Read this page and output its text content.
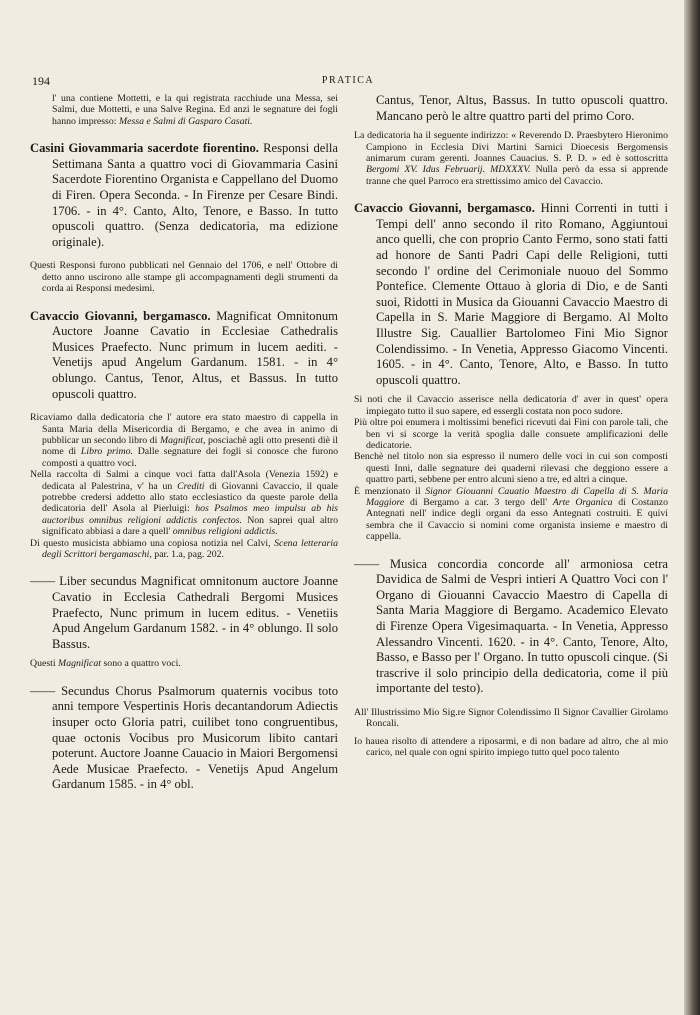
194	PRATICA

l' una contiene Mottetti, e la qui registrata racchiude una Messa, sei Salmi, due Mottetti, e una Salve Regina. Ed anzi le segnature dei fogli hanno impresso: Messa e Salmi di Gasparo Casati.

Casini Giovammaria sacerdote fiorentino. Responsi della Settimana Santa a quattro voci di Giovammaria Casini Sacerdote Fiorentino Organista e Cappellano del Duomo di Firen. Opera Seconda. - In Firenze per Cesare Bindi. 1706. - in 4°. Canto, Alto, Tenore, e Basso. In tutto opuscoli quattro. (Senza dedicatoria, ma edizione originale).

Questi Responsi furono pubblicati nel Gennaio del 1706, e nell' Ottobre di detto anno uscirono alle stampe gli accompagnamenti degli strumenti da corda ai Responsi medesimi.

Cavaccio Giovanni, bergamasco. Magnificat Omnitonum Auctore Joanne Cavatio in Ecclesiae Cathedralis Musices Praefecto. Nunc primum in lucem aediti. - Venetijs apud Angelum Gardanum. 1581. - in 4° oblungo. Cantus, Tenor, Altus, et Bassus. In tutto opuscoli quattro.

Ricaviamo dalla dedicatoria che l' autore era stato maestro di cappella in Santa Maria della Misericordia di Bergamo, e che avea in animo di pubblicar un secondo libro di Magnificat, posciachè agli otto presenti diè il nome di Libro primo. Dalle segnature dei fogli si conosce che furono composti a quattro voci.

Nella raccolta di Salmi a cinque voci fatta dall'Asola (Venezia 1592) e dedicata al Palestrina, v' ha un Crediti di Giovanni Cavaccio, il quale potrebbe credersi addetto allo stato ecclesiastico da queste parole della dedicatoria dell' Asola al Pierluigi: hos Psalmos meo impulsu ab his auctoribus omnibus religioni addictis confectos. Non saprei qual altro significato abbiasi a dare a quell' omnibus religioni addictis.

Di questo musicista abbiamo una copiosa notizia nel Calvi, Scena letteraria degli Scrittori bergamaschi, par. 1.a, pag. 202.

—— Liber secundus Magnificat omnitonum auctore Joanne Cavatio in Ecclesia Cathedrali Bergomi Musices Praefecto, Nunc primum in lucem editus. - Venetiis Apud Angelum Gardanum 1582. - in 4° oblungo. Il solo Bassus.

Questi Magnificat sono a quattro voci.

—— Secundus Chorus Psalmorum quaternis vocibus toto anni tempore Vespertinis Horis decantandorum Adiectis insuper octo Gloria patri, cuilibet tono congruentibus, quae octonis Vocibus pro Musicorum libito cantari poterunt. Auctore Joanne Cauacio in Maiori Bergomensi Aede Musicae Praefecto. - Venetijs Apud Angelum Gardanum 1585. - in 4° obl.

Cantus, Tenor, Altus, Bassus. In tutto opuscoli quattro. Mancano però le altre quattro parti del primo Coro.

La dedicatoria ha il seguente indirizzo: « Reverendo D. Praesbytero Hieronimo Campiono in Ecclesia Divi Martini Sarnici Dioecesis Bergomensis animarum curam gerenti. Joannes Cauacius. S. P. D. » ed è sottoscritta Bergomi XV. Idus Februarij. MDXXXV. Nulla però da essa si apprende tranne che quel Parroco era strettissimo amico del Cavaccio.

Cavaccio Giovanni, bergamasco. Hinni Correnti in tutti i Tempi dell' anno secondo il rito Romano, Aggiuntoui anco quelli, che con proprio Canto Fermo, sono stati fatti ad honore de Santi Padri Capi delle Religioni, tutti secondo l' ordine del Cerimoniale nuouo del Sommo Pontefice. Clemente Ottauo à gloria di Dio, e de Santi suoi, Ridotti in Musica da Giouanni Cavaccio Maestro di Capella in S. Marie Maggiore di Bergamo. Al Molto Illustre Sig. Cauallier Bartolomeo Fini Mio Signor Colendissimo. - In Venetia, Appresso Giacomo Vincenti. 1605. - in 4°. Canto, Tenore, Alto, e Basso. In tutto opuscoli quattro.

Si noti che il Cavaccio asserisce nella dedicatoria d' aver in quest' opera impiegato tutto il suo sapere, ed essergli costata non poco sudore.

Più oltre poi enumera i moltissimi benefici ricevuti dai Fini con parole tali, che ben vi si scorge la verità spoglia dalle consuete amplificazioni delle dedicatorie.

Benchè nel titolo non sia espresso il numero delle voci in cui son composti questi Inni, dalle segnature dei quaderni rilevasi che deggiono essere a quattro parti, sebbene per entro alcuni sieno a tre, ed altri a cinque.

È menzionato il Signor Giouanni Cauatio Maestro di Capella di S. Maria Maggiore di Bergamo a car. 3 tergo dell' Arte Organica di Costanzo Antegnati nell' indice degli organi da esso Antegnati costruiti. E quivi sembra che il Cavaccio si nomini come organista insieme e maestro di cappella.

—— Musica concordia concorde all' armoniosa cetra Davidica de Salmi de Vespri intieri A Quattro Voci con l' Organo di Giouanni Cavaccio Maestro di Capella di Santa Maria Maggiore di Bergamo. Academico Elevato di Firenze Opera Vigesimaquarta. - In Venetia, Appresso Alessandro Vincenti. 1620. - in 4°. Canto, Tenore, Alto, Basso, e Basso per l' Organo. In tutto opuscoli cinque. (Si trascrive il solo principio della dedicatoria, come il più importante del testo).

All' Illustrissimo Mio Sig.re Signor Colendissimo Il Signor Cavallier Girolamo Roncali.

Io hauea risolto di attendere a riposarmi, e di non badare ad altro, che al mio carico, nel quale con ogni spirito impiego tutto quel poco talento
